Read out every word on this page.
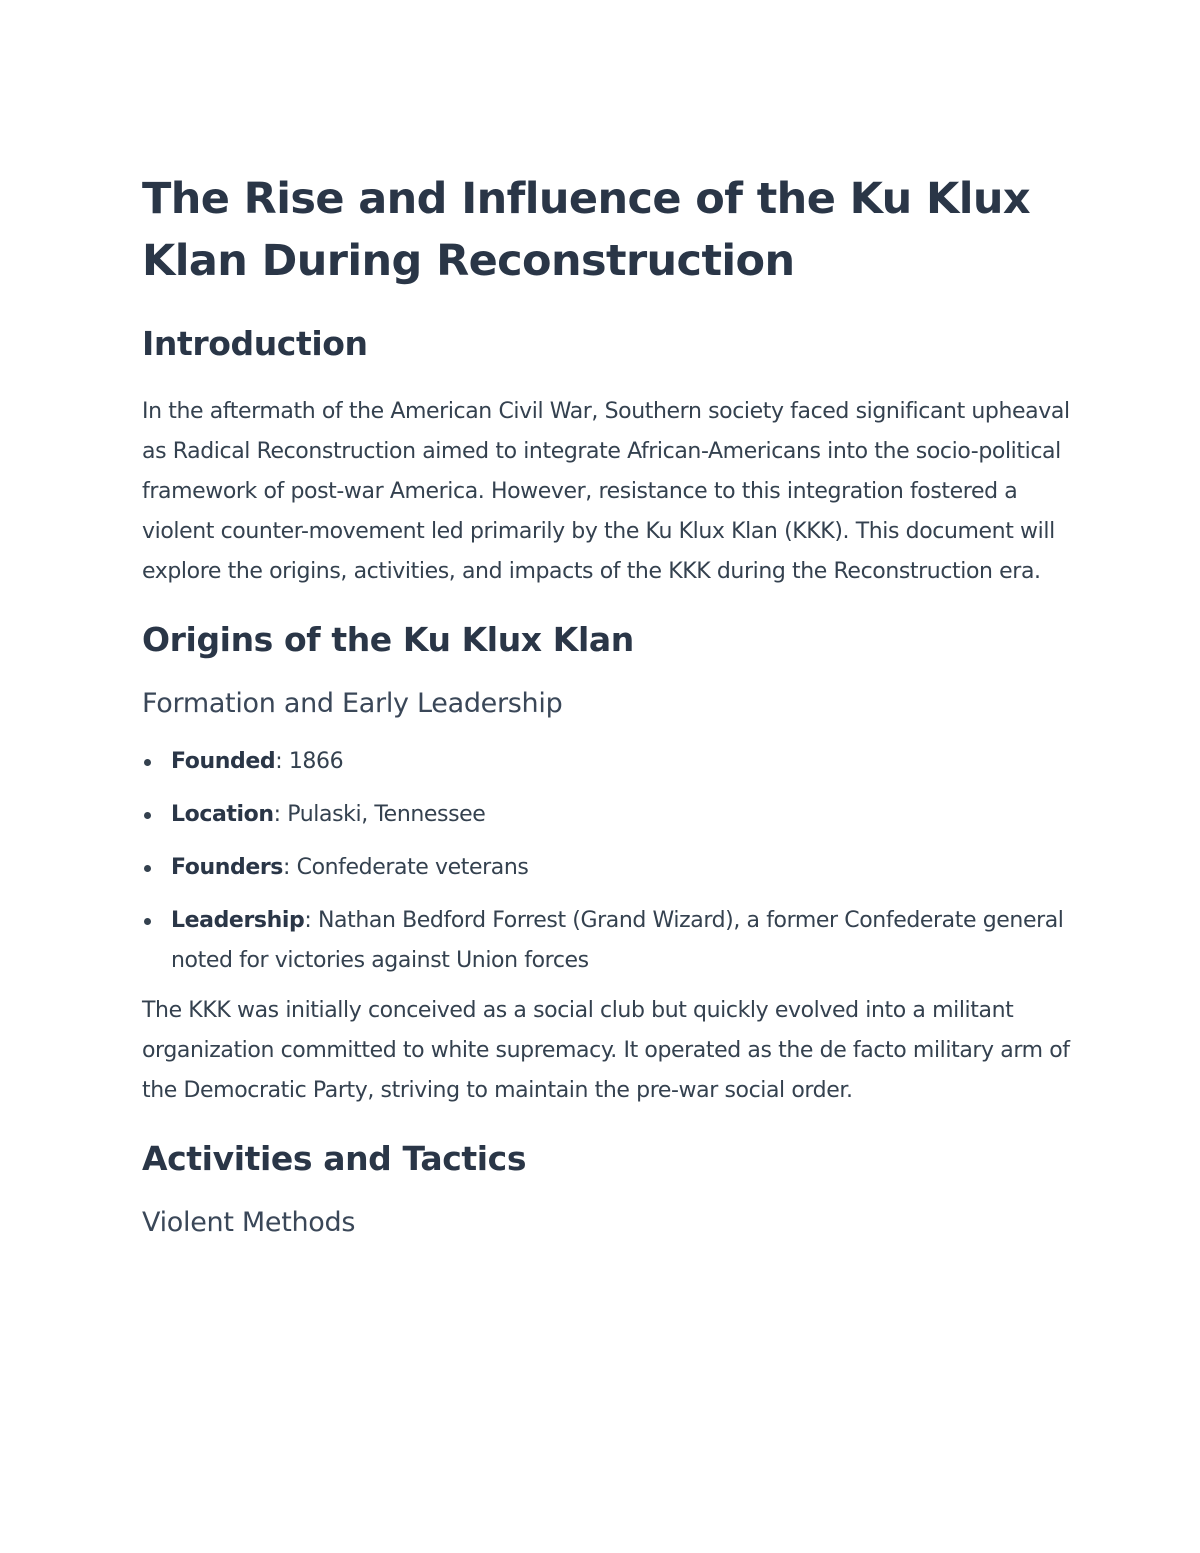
The Rise and Influence of the Ku Klux Klan During Reconstruction
Introduction

In the aftermath of the American Civil War, Southern society faced significant upheaval as Radical Reconstruction aimed to integrate African-Americans into the socio-political framework of post-war America. However, resistance to this integration fostered a violent counter-movement led primarily by the Ku Klux Klan (KKK). This document will explore the origins, activities, and impacts of the KKK during the Reconstruction era.

Origins of the Ku Klux Klan
Formation and Early Leadership
Founded: 1866
Location: Pulaski, Tennessee
Founders: Confederate veterans
Leadership: Nathan Bedford Forrest (Grand Wizard), a former Confederate general noted for victories against Union forces

The KKK was initially conceived as a social club but quickly evolved into a militant organization committed to white supremacy. It operated as the de facto military arm of the Democratic Party, striving to maintain the pre-war social order.

Activities and Tactics
Violent Methods
